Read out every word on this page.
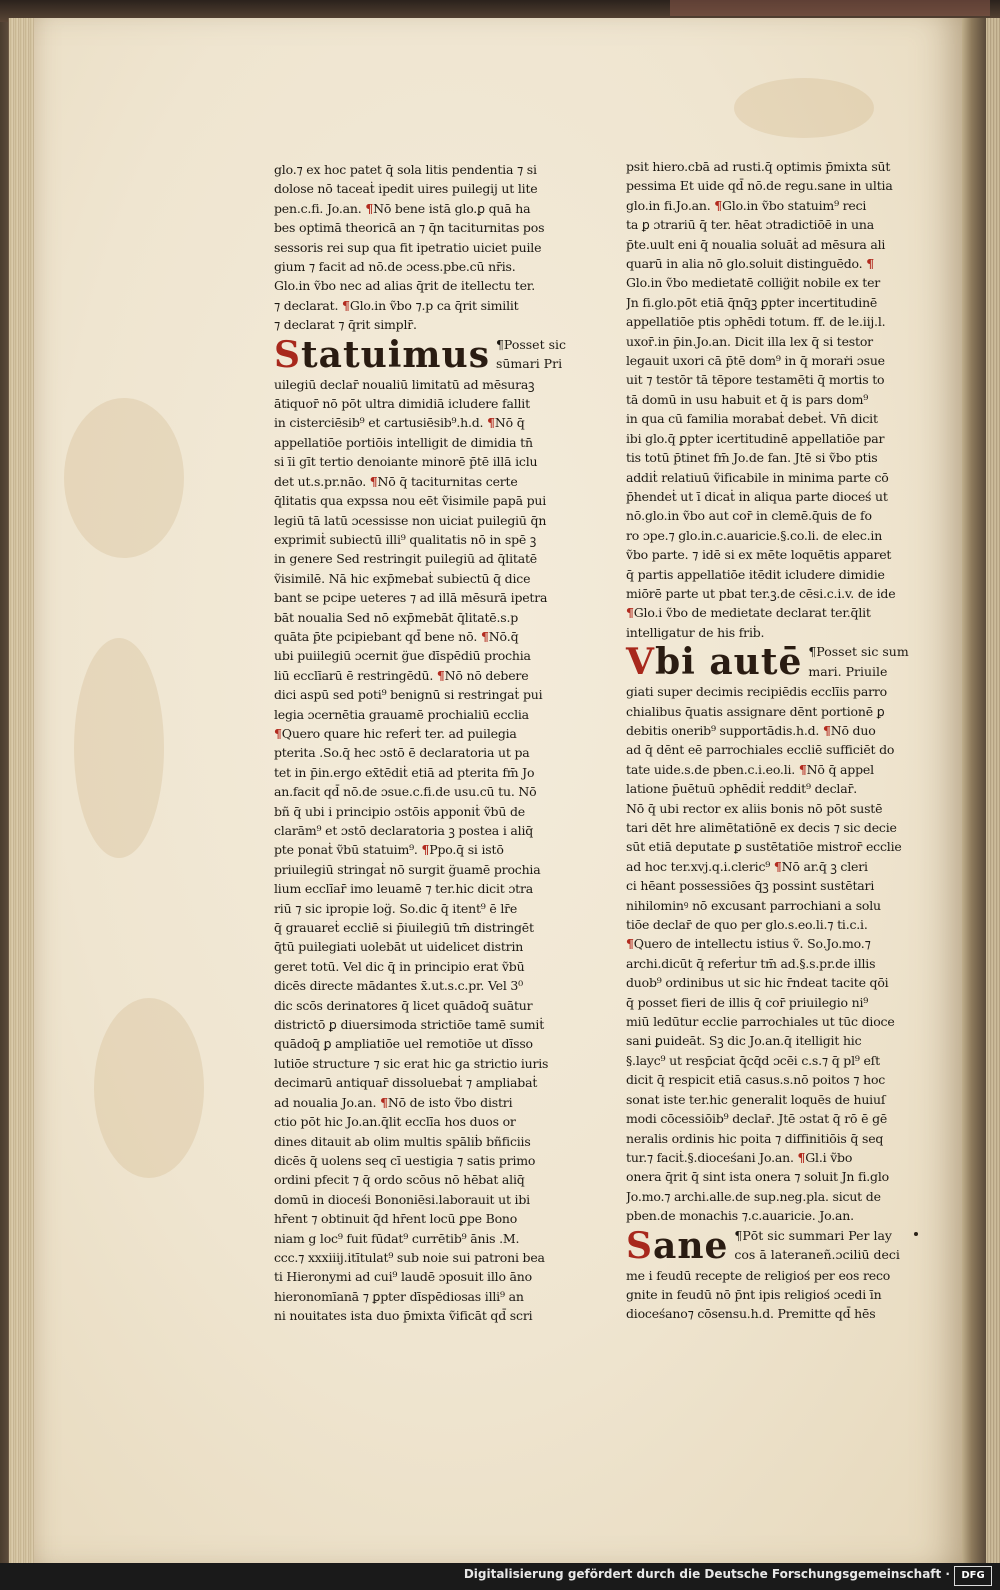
glo.⁊ ex hoc patet q̄ sola litis pendentia ⁊ si
dolose nō taceaṫ ipedit uires puilegij ut lite
pen.c.fi. Jo.an. ¶Nō bene istā glo.ꝑ quā ha
bes optimā theoricā an ⁊ q̄n taciturnitas pos
sessoris rei sup qua fit ipetratio uiciet puile
gium ⁊ facit ad nō.de ɔcess.pbe.cū nr̄is.
Glo.in ṽbo nec ad alias q̄rit de itellectu ter.
⁊ declarat. ¶Glo.in ṽbo ⁊.p ca q̄rit similit
⁊ declarat ⁊ q̄rit simplr̄.
Statuimus ¶Posset sic
sūmari Pri
uilegiū declar̄ noualiū limitatū ad mēsuraꝫ
ātiquor̄ nō pōt ultra dimidiā icludere fallit
in cisterciēsib⁹ et cartusiēsib⁹.h.d. ¶Nō q̄
appellatiōe portiōis intelligit de dimidia tn̄
si īi gīt tertio denoiante minorē p̄tē illā iclu
det ut.s.pr.nāo. ¶Nō q̄ taciturnitas certe
q̄litatis qua expssa nou eēt ṽisimile papā pui
legiū tā latū ɔcessisse non uiciat puilegiū q̄n
exprimiṫ subiectū illi⁹ qualitatis nō in spē ꝫ
in genere Sed restringit puilegiū ad q̄litatē
ṽisimilē. Nā hic exp̄mebaṫ subiectū q̄ dice
bant se pcipe ueteres ⁊ ad illā mēsurā ipetra
bāt noualia Sed nō exp̄mebāt q̄litatē.s.p
quāta p̄te pcipiebant qd̄ bene nō. ¶Nō.q̄
ubi puiilegiū ɔcernit g̈ue dīspēdiū prochia
liū ecclīarū ē restringēdū. ¶Nō nō debere
dici aspū sed poti⁹ benignū si restringaṫ pui
legia ɔcernētia grauamē prochialiū ecclia
¶Quero quare hic referṫ ter. ad puilegia
pterita .So.q̄ hec ɔstō ē declaratoria ut pa
tet in p̄in.ergo ex̄tēdiṫ etiā ad pterita fm̄ Jo
an.facit qd̄ nō.de ɔsue.c.fi.de usu.cū tu. Nō
bñ q̄ ubi i principio ɔstōis apponiṫ ṽbū de
clarām⁹ et ɔstō declaratoria ꝫ postea i aliq̄
pte ponaṫ ṽbū statuim⁹. ¶Ppo.q̄ si istō
priuilegiū stringaṫ nō surgit g̈uamē prochia
lium ecclīar̄ imo leuamē ⁊ ter.hic dicit ɔtra
riū ⁊ sic ipropie log̈. So.dic q̄ itent⁹ ē lr̄e
q̄ grauareṫ eccliē si p̄iuilegiū tm̄ distringēt
q̄tū puilegiati uolebāt ut uidelicet distrin
geret totū. Vel dic q̄ in principio erat ṽbū
dicēs directe mādantes x̄.ut.s.c.pr. Vel 3⁰
dic scōs derinatores q̄ licet quādoq̄ suātur
districtō ꝑ diuersimoda strictiōe tamē sumiṫ
quādoq̄ ꝑ ampliatiōe uel remotiōe ut dīsso
lutiōe structure ⁊ sic erat hic ga strictio iuris
decimarū antiquar̄ dissoluebaṫ ⁊ ampliabaṫ
ad noualia Jo.an. ¶Nō de isto ṽbo distri
ctio pōt hic Jo.an.q̄lit ecclīa hos duos or
dines ditauit ab olim multis spāliḃ bñficiis
dicēs q̄ uolens seq cī uestigia ⁊ satis primo
ordini pfecit ⁊ q̄ ordo scōus nō hēbat aliq̄
domū in dioceśi Bononiēsi.laborauit ut ibi
hr̄ent ⁊ obtinuit q̄d hr̄ent locū ꝑpe Bono
niam g loc⁹ fuit fūdat⁹ currētib⁹ ānis .M.
ccc.⁊ xxxiiij.itītulat⁹ sub noie sui patroni bea
ti Hieronymi ad cui⁹ laudē ɔposuit illo āno
hieronomīanā ⁊ ꝑpter dīspēdiosas illi⁹ an
ni nouitates ista duo p̄mixta ṽificāt qd̄ scri
psit hiero.cbā ad rusti.q̄ optimis p̄mixta sūt
pessima Et uide qd̄ nō.de regu.sane in ultia
glo.in fi.Jo.an. ¶Glo.in ṽbo statuim⁹ reci
ta ꝑ ɔtrariū q̄ ter. hēat ɔtradictiōē in una
p̄te.uult eni q̄ noualia soluāṫ ad mēsura ali
quarū in alia nō glo.soluit distinguēdo. ¶
Glo.in ṽbo medietatē collig̈it nobile ex ter
Jn fi.glo.pōt etiā q̄nq̄ꝫ ꝑpter incertitudinē
appellatiōe ptis ɔphēdi totum. ff. de le.iij.l.
uxor̄.in p̄in.Jo.an. Dicit illa lex q̄ si testor
legauit uxori cā p̄tē dom⁹ in q̄ moraṙi ɔsue
uit ⁊ testōr tā tēpore testamēti q̄ mortis to
tā domū in usu habuit et q̄ is pars dom⁹
in qua cū familia morabaṫ debeṫ. Vn̄ dicit
ibi glo.q̄ ꝑpter icertitudinē appellatiōe par
tis totū p̄tinet fm̄ Jo.de fan. Jtē si ṽbo ptis
addiṫ relatiuū ṽificabile in minima parte cō
p̄hendeṫ ut ī dicaṫ in aliqua parte dioceś ut
nō.glo.in ṽbo aut cor̄ in clemē.q̄uis de fo
ro ɔpe.⁊ glo.in.c.auaricie.§.co.li. de elec.in
ṽbo parte. ⁊ idē si ex mēte loquētis apparet
q̄ partis appellatiōe itēdit icludere dimidie
miōrē parte ut pbat ter.ꝫ.de cēsi.c.i.v. de ide
¶Glo.i ṽbo de medietate declarat ter.q̄lit
intelligatur de his friḃ.
Vbi autē ¶Posset sic sum
mari. Priuile
giati super decimis recipiēdis ecclīis parro
chialibus q̄uatis assignare dēnt portionē ꝑ
debitis onerib⁹ supportādis.h.d. ¶Nō duo
ad q̄ dēnt eē parrochiales eccliē sufficiēt do
tate uide.s.de pben.c.i.eo.li. ¶Nō q̄ appel
latione p̄uētuū ɔphēdiṫ reddit⁹ declar̄.
Nō q̄ ubi rector ex aliis bonis nō pōt sustē
tari dēt hre alimētatiōnē ex decis ⁊ sic decie
sūt etiā deputate ꝑ sustētatiōe mistror̄ ecclie
ad hoc ter.xvj.q.i.cleric⁹ ¶Nō ar.q̄ ꝫ cleri
ci hēant possessiōes q̄ꝫ possint sustētari
nihilominꝰ nō excusant parrochiani a solu
tiōe declar̄ de quo per glo.s.eo.li.⁊ ti.c.i.
¶Quero de intellectu istius ṽ. So.Jo.mo.⁊
archi.dicūt q̄ referṫur tm̄ ad.§.s.pr.de illis
duob⁹ ordinibus ut sic hic r̄ndeat tacite qōi
q̄ posset fieri de illis q̄ cor̄ priuilegio ni⁹
miū ledūtur ecclie parrochiales ut tūc dioce
sani ꝑuideāt. Sꝫ dic Jo.an.q̄ itelligit hic
§.layc⁹ ut resp̄ciat q̄cq̄d ɔcēi c.s.⁊ q̄ pl⁹ eſt
dicit q̄ respicit etiā casus.s.nō poitos ⁊ hoc
sonat iste ter.hic generalit loquēs de huiuſ
modi cōcessiōib⁹ declar̄. Jtē ɔstat q̄ rō ē gē
neralis ordinis hic poita ⁊ diffinitiōis q̄ seq
tur.⁊ faciṫ.§.dioceśani Jo.an. ¶Gl.i ṽbo
onera q̄rit q̄ sint ista onera ⁊ soluit Jn fi.glo
Jo.mo.⁊ archi.alle.de sup.neg.pla. sicut de
pben.de monachis ⁊.c.auaricie. Jo.an.
Sane ¶Pōt sic summari Per lay
cos ā lateraneñ.ɔciliū deci
me i feudū recepte de religioś per eos reco
gnite in feudū nō p̄nt ipis religioś ɔcedi īn
dioceśano⁊ cōsensu.h.d. Premitte qd̄ hēs
Digitalisierung gefördert durch die Deutsche Forschungsgemeinschaft ·	DFG
